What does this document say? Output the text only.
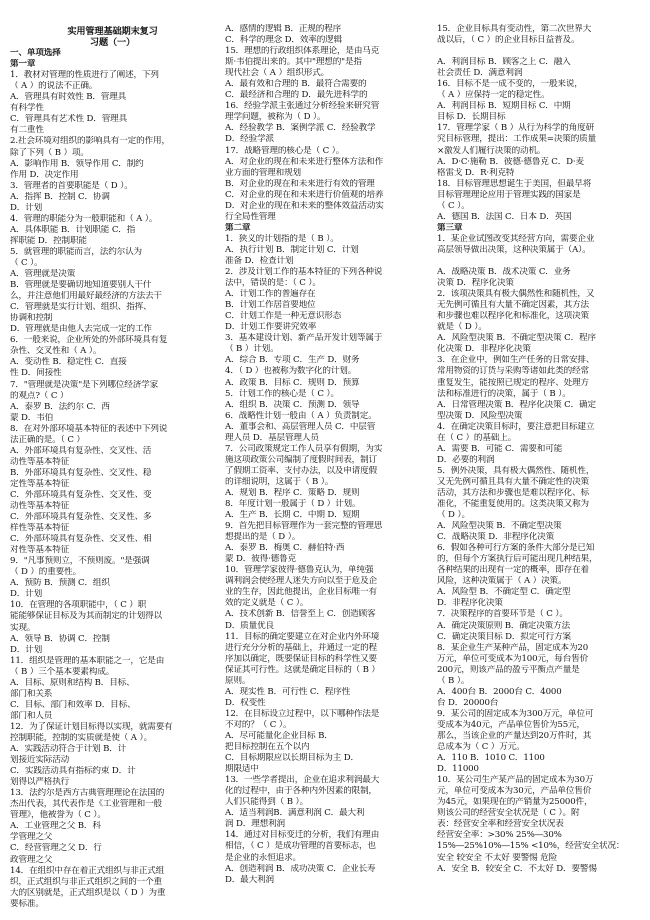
实用管理基础期末复习
习题（一）
一、单项选择
第一章
1．教材对管理的性质进行了阐述，下列
（ A ）的说法不正确。
A．管理具有时效性 B．管理具
有科学性
C．管理具有艺术性 D．管理具
有二重性
2.社会环境对组织的影响具有一定的作用，
除了下列（ B ）项。
A．影响作用 B．领导作用 C．制约
作用 D．决定作用
3．管理者的首要职能是（ D ）。
A．指挥 B．控制 C．协调
D．计划
4．管理的职能分为一般职能和（ A ）。
A．具体职能 B．计划职能 C．指
挥职能 D．控制职能
5．就管理的职能而言，法约尔认为
（ C ）。
A．管理就是决策
B．管理就是要确切地知道要别人干什
么，并注意他们用最好最经济的方法去干
C．管理就是实行计划、组织、指挥、
协调和控制
D．管理就是由他人去完成一定的工作
6．一般来说，企业所处的外部环境具有复
杂性、交叉性和（ A ）。
A．变动性 B．稳定性 C．直接
性 D．间接性
7．"管理就是决策"是下列哪位经济学家
的观点?（ C ）
A．泰罗 B．法约尔 C．西
蒙 D．韦伯
8．在对外部环境基本特征的表述中下列说
法正确的是。（ C ）
A．外部环境具有复杂性、交叉性、活
动性等基本特征
B．外部环境具有复杂性、交叉性、稳
定性等基本特征
C．外部环境具有复杂性、交叉性、变
动性等基本特征
C．外部环境具有复杂性、交叉性、多
样性等基本特征
C．外部环境具有复杂性、交叉性、相
对性等基本特征
9．"凡事预则立，不预则废。"是强调
（ D ）的重要性。
A．预防 B．预测 C．组织
D．计划
10．在管理的各项职能中，（ C ）职
能能够保证目标及为其而制定的计划得以
实现。
A．领导 B．协调 C．控制
D．计划
11．组织是管理的基本职能之一，它是由
（ B ）三个基本要素构成。
A．目标、原则和结构 B．目标、
部门和关系
C．目标、部门和效率 D．目标、
部门和人员
12．为了保证计划目标得以实现，就需要有
控制职能，控制的实质就是使（ A ）。
A．实践活动符合于计划 B．计
划接近实际活动
C．实践活动具有指标约束 D．计
划得以严格执行
13．法约尔是西方古典管理理论在法国的
杰出代表，其代表作是《工业管理和一般
管理》，他被誉为（ C ）。
A．工业管理之父 B．科
学管理之父
C．经营管理之父 D．行
政管理之父
14．在组织中存在着正式组织与非正式组
织，正式组织与非正式组织之间的一个重
大的区别就是，正式组织是以（ D ）为重
要标准。
A．感情的逻辑 B．正规的程序
C．科学的理念 D．效率的逻辑
15．理想的行政组织体系理论，是由马克
斯·韦伯提出来的。其中"理想的"是指
现代社会（ A ）组织形式。
A．最有效和合理的 B．最符合需要的
C．最经济和合理的 D．最先进科学的
16．经验学派主张通过分析经验来研究管
理学问题，被称为（ D ）。
A．经验教学 B．案例学派 C．经验教学
D．经验学派
17．战略管理的核心是（ C ）。
A．对企业的现在和未来进行整体方法和作
业方面的管理和规划
B．对企业的现在和未来进行有效的管理
C．对企业的现在和未来进行价值观的培养
D．对企业的现在和未来的整体效益活动实
行全局性管理
第二章
1．狭义的计划指的是（ B ）。
A．执行计划 B．制定计划 C．计划
准备 D．检查计划
2．涉及计划工作的基本特征的下列各种说
法中，错误的是：（ C ）。
A．计划工作的普遍存在
B．计划工作居首要地位
C．计划工作是一种无意识形态
D．计划工作要讲究效率
3．基本建设计划、新产品开发计划等属于
（ B ）计划。
A．综合 B．专项 C．生产 D．财务
4．（ D ）也被称为数字化的计划。
A．政策 B．目标 C．规则 D．预算
5．计划工作的核心是（ C ）。
A．组织 B．决策 C．预测 D．领导
6．战略性计划一般由（ A ）负责制定。
A．董事会和、高层管理人员 C．中层管
理人员 D．基层管理人员
7．公司政策规定工作人员享有假期，为实
施这项政策公司编制了度假时间表，制订
了假期工资率、支付办法，以及申请度假
的详细说明，这属于（ B ）。
A．规划 B．程序 C．策略 D．规则
8．年度计划一般属于（ D ）计划。
A．生产 B．长期 C．中期 D．短期
9．首先把目标管理作为一套完整的管理思
想提出的是（ D ）。
A．泰罗 B．梅奥 C．赫伯特·西
蒙 D．彼得·德鲁克
10．管理学家彼得·德鲁克认为，单纯强
调利润会使经理人迷失方向以至于危及企
业的生存，因此他提出，企业目标唯一有
效的定义就是（ C ）。
A．技术创新 B．信誉至上 C．创造顾客
D．质量优良
11．目标的确定要建立在对企业内外环境
进行充分分析的基础上，并通过一定的程
序加以确定，既要保证目标的科学性又要
保证其可行性。这就是确定目标的（ B ）
原则。
A．现实性 B．可行性 C．程序性
D．权变性
12．在目标设立过程中，以下哪种作法是
不对的？（ C ）。
A．尽可能量化企业目标 B．
把目标控制在五个以内
C．目标期限应以长期目标为主 D．
期限适中
13．一些学者提出，企业在追求利润最大
化的过程中，由于各种内外因素的限制，
人们只能得到（ B ）。
A．适当利润B．满意利润 C．最大利
润 D．理想利润
14．通过对目标变迁的分析，我们有理由
相信，（ C ）是成功管理的首要标志，也
是企业的永恒追求。
A．创造利润 B．成功决策 C．企业长寿
D．最大利润
15．企业目标具有变动性，第二次世界大
战以后，（ C ）的企业目标日益普及。
A．利润目标 B．顾客之上 C．融入
社会责任 D．满意利润
16．目标不是一成不变的，一般来说，
（ A ）应保持一定的稳定性。
A．利润目标 B．短期目标 C．中期
目标 D．长期目标
17．管理学家（ B ）从行为科学的角度研
究目标管理，提出：工作成果=决策的质量
×激发人们履行决策的动机。
A．D·C·施勒 B．彼德·德鲁克 C．D·麦
格雷戈 D．R·利克特
18．目标管理思想诞生于美国，但最早将
目标管理理论应用于管理实践的国家是
（ C ）。
A．德国 B．法国 C．日本 D．英国
第三章
1．某企业试图改变其经营方向，需要企业
高层领导做出决策，这种决策属于（A）。
A．战略决策 B．战术决策 C．业务
决策 D．程序化决策
2．该项决策具有极大偶然性和随机性，又
无先例可循且有大量不确定因素，其方法
和步骤也难以程序化和标准化，这项决策
就是（ D ）。
A．风险型决策 B．不确定型决策 C．程序
化决策 D．非程序化决策
3．在企业中，例如生产任务的日常安排、
常用物资的订货与采购等诸如此类的经常
重复发生，能按照已规定的程序、处理方
法和标准进行的决策，属于（ B ）。
A．日常管理决策 B．程序化决策 C．确定
型决策 D．风险型决策
4．在确定决策目标时，要注意把目标建立
在（ C ）的基础上。
A．需要 B．可能 C．需要和可能
D．必要的利润
5．例外决策，具有极大偶然性、随机性，
又无先例可循且具有大量不确定性的决策
活动，其方法和步骤也是难以程序化、标
准化，不能重复使用的。这类决策又称为
（ D ）。
A．风险型决策 B．不确定型决策
C．战略决策 D．非程序化决策
6．假如各种可行方案的条件大部分是已知
的，但每个方案执行后可能出现几种结果，
各种结果的出现有一定的概率，即存在着
风险，这种决策属于（ A ）决策。
A．风险型 B．不确定型 C．确定型
D．非程序化决策
7．决策程序的首要环节是（ C ）。
A．确定决策原则 B．确定决策方法
C．确定决策目标 D．拟定可行方案
8．某企业生产某种产品，固定成本为20
万元，单位可变成本为100元，每台售价
200元，则该产品的盈亏平衡点产量是
（ B ）。
A．400台 B．2000台 C．4000
台 D．20000台
9．某公司的固定成本为300万元，单位可
变成本为40元，产品单位售价为55元，
那么，当该企业的产量达到20万件时，其
总成本为（ C ）万元。
A．110 B．1010 C．1100
D．11000
10．某公司生产某产品的固定成本为30万
元，单位可变成本为30元，产品单位售价
为45元，如果现在的产销量为25000件，
则该公司的经营安全状况是（ C ）。附
表：经营安全率和经营安全状况表
经营安全率：>30% 25%―30%
15%―25%10%―15% <10%，经营安全状况：
安全 较安全 不太好 要警惕 危险
A．安全 B．较安全 C．不太好 D．要警惕
